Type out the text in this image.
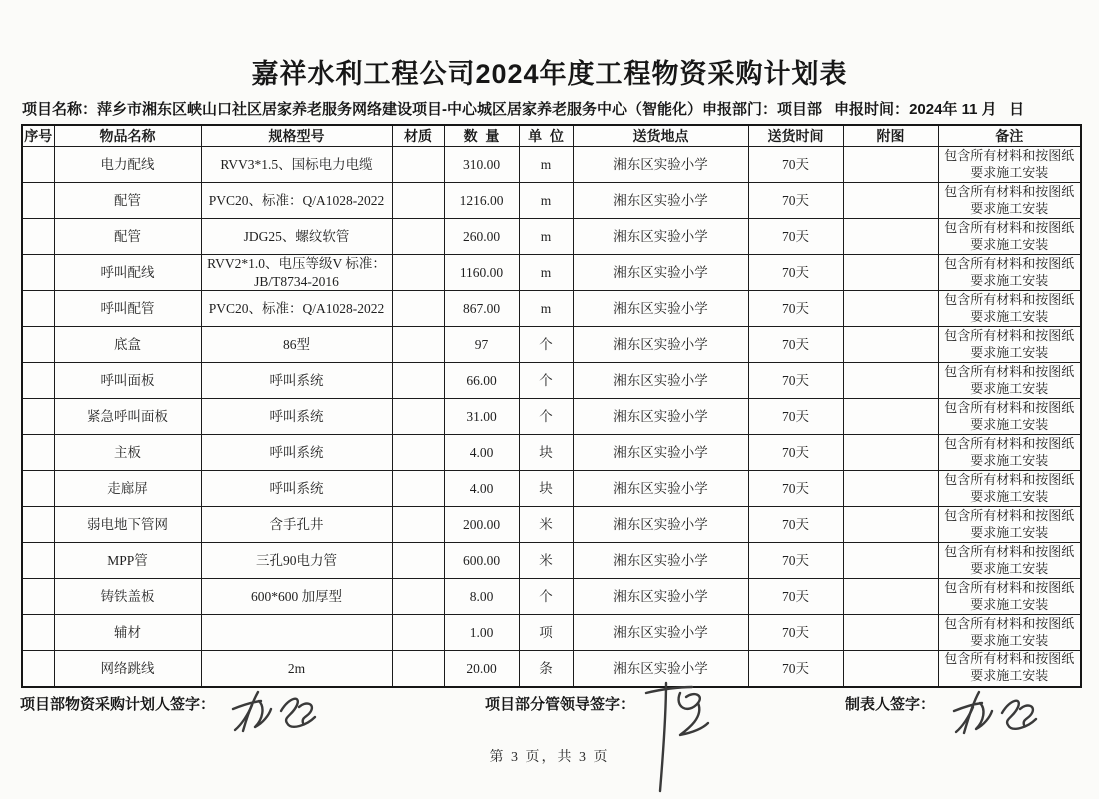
嘉祥水利工程公司2024年度工程物资采购计划表
项目名称：萍乡市湘东区峡山口社区居家养老服务网络建设项目-中心城区居家养老服务中心（智能化）申报部门：项目部 申报时间：2024年 11 月   日
序号	物品名称	规格型号	材质	数  量	单  位	送货地点	送货时间	附图	备注
	电力配线	RVV3*1.5、国标电力电缆		310.00	m	湘东区实验小学	70天		包含所有材料和按图纸要求施工安装
	配管	PVC20、标准：Q/A1028-2022		1216.00	m	湘东区实验小学	70天		包含所有材料和按图纸要求施工安装
	配管	JDG25、螺纹软管		260.00	m	湘东区实验小学	70天		包含所有材料和按图纸要求施工安装
	呼叫配线	RVV2*1.0、电压等级V 标准：JB/T8734-2016		1160.00	m	湘东区实验小学	70天		包含所有材料和按图纸要求施工安装
	呼叫配管	PVC20、标准：Q/A1028-2022		867.00	m	湘东区实验小学	70天		包含所有材料和按图纸要求施工安装
	底盒	86型		97	个	湘东区实验小学	70天		包含所有材料和按图纸要求施工安装
	呼叫面板	呼叫系统		66.00	个	湘东区实验小学	70天		包含所有材料和按图纸要求施工安装
	紧急呼叫面板	呼叫系统		31.00	个	湘东区实验小学	70天		包含所有材料和按图纸要求施工安装
	主板	呼叫系统		4.00	块	湘东区实验小学	70天		包含所有材料和按图纸要求施工安装
	走廊屏	呼叫系统		4.00	块	湘东区实验小学	70天		包含所有材料和按图纸要求施工安装
	弱电地下管网	含手孔井		200.00	米	湘东区实验小学	70天		包含所有材料和按图纸要求施工安装
	MPP管	三孔90电力管		600.00	米	湘东区实验小学	70天		包含所有材料和按图纸要求施工安装
	铸铁盖板	600*600 加厚型		8.00	个	湘东区实验小学	70天		包含所有材料和按图纸要求施工安装
	辅材			1.00	项	湘东区实验小学	70天		包含所有材料和按图纸要求施工安装
	网络跳线	2m		20.00	条	湘东区实验小学	70天		包含所有材料和按图纸要求施工安装
项目部物资采购计划人签字：	项目部分管领导签字：	制表人签字：
第 3 页，共 3 页
